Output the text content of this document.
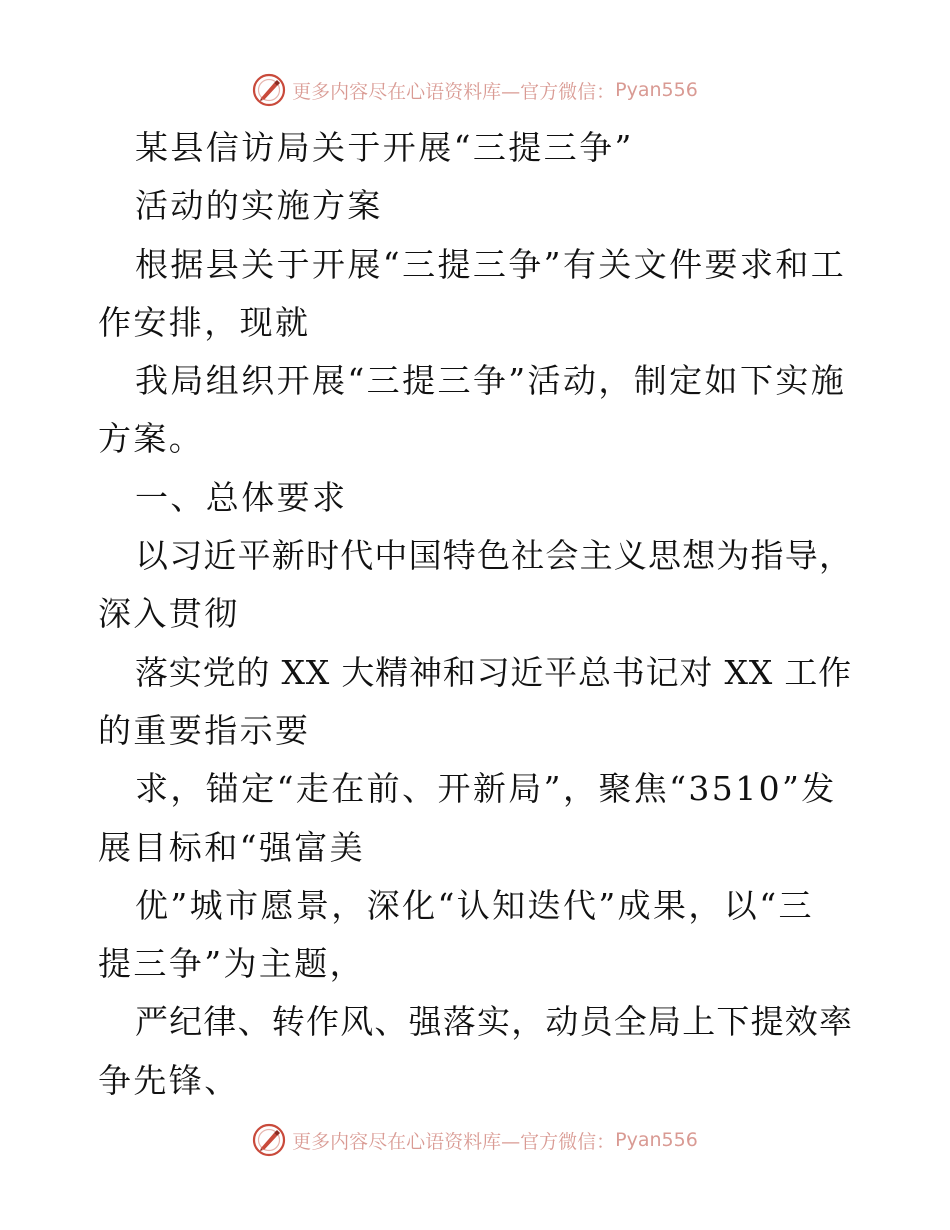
更多内容尽在心语资料库—官方微信： Pyan556
某县信访局关于开展“三提三争”
活动的实施方案
根据县关于开展“三提三争”有关文件要求和工
作安排，现就
我局组织开展“三提三争”活动，制定如下实施
方案。
一、总体要求
以习近平新时代中国特色社会主义思想为指导，
深入贯彻
落实党的 XX 大精神和习近平总书记对 XX 工作
的重要指示要
求，锚定“走在前、开新局”，聚焦“3510”发
展目标和“强富美
优”城市愿景，深化“认知迭代”成果，以“三
提三争”为主题，
严纪律、转作风、强落实，动员全局上下提效率
争先锋、
更多内容尽在心语资料库—官方微信： Pyan556
